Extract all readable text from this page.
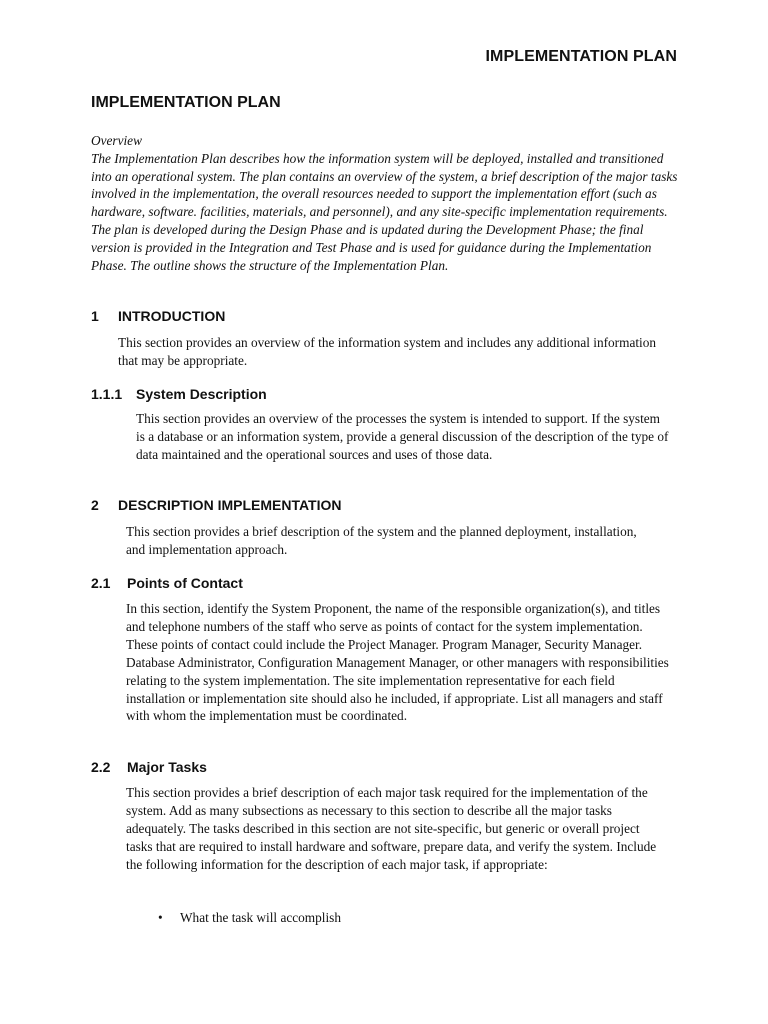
IMPLEMENTATION PLAN
IMPLEMENTATION PLAN

Overview
The Implementation Plan describes how the information system will be deployed, installed and transitioned into an operational system. The plan contains an overview of the system, a brief description of the major tasks involved in the implementation, the overall resources needed to support the implementation effort (such as hardware, software. facilities, materials, and personnel), and any site-specific implementation requirements. The plan is developed during the Design Phase and is updated during the Development Phase; the final version is provided in the Integration and Test Phase and is used for guidance during the Implementation Phase. The outline shows the structure of the Implementation Plan.

1 INTRODUCTION

This section provides an overview of the information system and includes any additional information that may be appropriate.

1.1.1 System Description

This section provides an overview of the processes the system is intended to support. If the system is a database or an information system, provide a general discussion of the description of the type of data maintained and the operational sources and uses of those data.

2 DESCRIPTION IMPLEMENTATION

This section provides a brief description of the system and the planned deployment, installation, and implementation approach.

2.1 Points of Contact

In this section, identify the System Proponent, the name of the responsible organization(s), and titles and telephone numbers of the staff who serve as points of contact for the system implementation. These points of contact could include the Project Manager. Program Manager, Security Manager. Database Administrator, Configuration Management Manager, or other managers with responsibilities relating to the system implementation. The site implementation representative for each field installation or implementation site should also he included, if appropriate. List all managers and staff with whom the implementation must be coordinated.

2.2 Major Tasks

This section provides a brief description of each major task required for the implementation of the system. Add as many subsections as necessary to this section to describe all the major tasks adequately. The tasks described in this section are not site-specific, but generic or overall project tasks that are required to install hardware and software, prepare data, and verify the system. Include the following information for the description of each major task, if appropriate:

• What the task will accomplish
